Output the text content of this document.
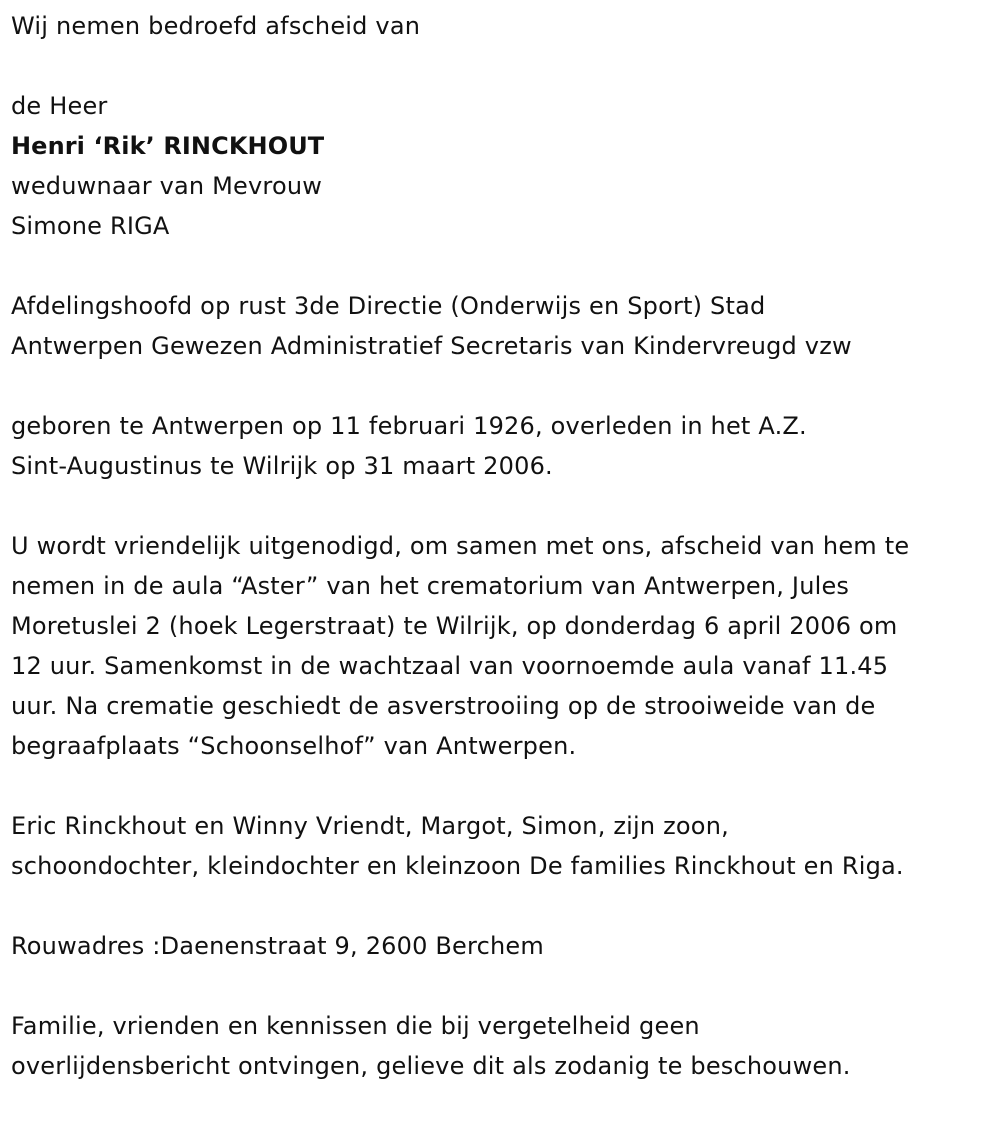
Wij nemen bedroefd afscheid van
de Heer
Henri ‘Rik’ RINCKHOUT
weduwnaar van Mevrouw
Simone RIGA
Afdelingshoofd op rust 3de Directie (Onderwijs en Sport) Stad
Antwerpen Gewezen Administratief Secretaris van Kindervreugd vzw
geboren te Antwerpen op 11 februari 1926, overleden in het A.Z.
Sint-Augustinus te Wilrijk op 31 maart 2006.
U wordt vriendelijk uitgenodigd, om samen met ons, afscheid van hem te
nemen in de aula “Aster” van het crematorium van Antwerpen, Jules
Moretuslei 2 (hoek Legerstraat) te Wilrijk, op donderdag 6 april 2006 om
12 uur. Samenkomst in de wachtzaal van voornoemde aula vanaf 11.45
uur. Na crematie geschiedt de asverstrooiing op de strooiweide van de
begraafplaats “Schoonselhof” van Antwerpen.
Eric Rinckhout en Winny Vriendt, Margot, Simon, zijn zoon,
schoondochter, kleindochter en kleinzoon De families Rinckhout en Riga.
Rouwadres :Daenenstraat 9, 2600 Berchem
Familie, vrienden en kennissen die bij vergetelheid geen
overlijdensbericht ontvingen, gelieve dit als zodanig te beschouwen.
